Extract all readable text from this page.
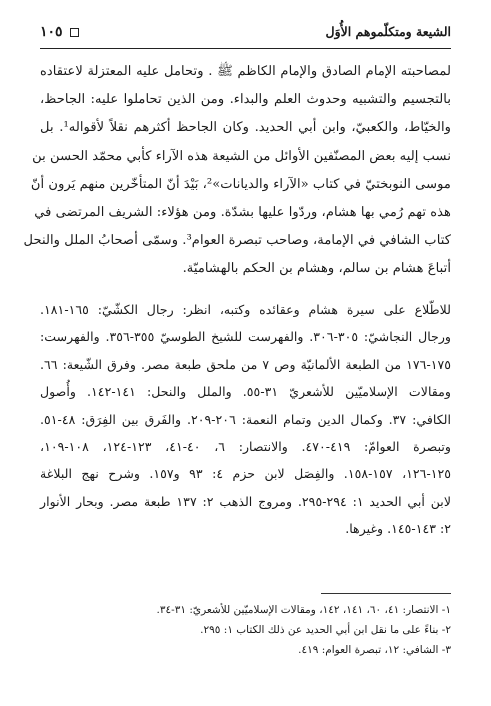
الشيعة ومتكلّموهم الأُوَل
١٠٥
لمصاحبته الإمام الصادق والإمام الكاظم ﷺ . وتحامل عليه المعتزلة لاعتقاده
بالتجسيم والتشبيه وحدوث العلم والبداء. ومن الذين تحاملوا عليه: الجاحظ،
والخيّاط، والكعبيّ، وابن أبي الحديد. وكان الجاحظ أكثرهم نقلاً لأقواله¹. بل
نسب إليه بعض المصنّفين الأوائل من الشيعة هذه الآراء كأبي محمّد الحسن بن
موسى النوبختيّ في كتاب «الآراء والديانات»²، بَيْدَ أنّ المتأخّرين منهم يَرون أنّ
هذه تهم رُمي بها هشام، وردّوا عليها بشدّة. ومن هؤلاء: الشريف المرتضى في
كتاب الشافي في الإمامة، وصاحب تبصرة العوام³. وسمّى أصحابُ الملل والنحل
أتباعَ هشام بن سالم، وهشام بن الحكم بالهشاميّة.
للاطّلاع على سيرة هشام وعقائده وكتبه، انظر: رجال الكشّيّ: ١٦٥-١٨١.
ورجال النجاشيّ: ٣٠٥-٣٠٦. والفهرست للشيخ الطوسيّ ٣٥٥-٣٥٦. والفهرست:
١٧٥-١٧٦ من الطبعة الألمانيّة وص ٧ من ملحق طبعة مصر. وفرق الشّيعة: ٦٦.
ومقالات الإسلاميّين للأشعريّ ٣١-٥٥. والملل والنحل: ١٤١-١٤٢. وأُصول
الكافي: ٣٧. وكمال الدين وتمام النعمة: ٢٠٦-٢٠٩. والفَرق بين الفِرَق: ٤٨-٥١.
وتبصرة العوامّ: ٤١٩-٤٧٠. والانتصار: ٦، ٤٠-٤١، ١٢٣-١٢٤، ١٠٨-١٠٩،
١٢٥-١٢٦، ١٥٧-١٥٨. والفِصَل لابن حزم ٤: ٩٣ و١٥٧. وشرح نهج البلاغة
لابن أبي الحديد ١: ٢٩٤-٢٩٥. ومروج الذهب ٢: ١٣٧ طبعة مصر. وبحار الأنوار
٢: ١٤٣-١٤٥. وغيرها.
١- الانتصار: ٤١، ٦٠، ١٤١، ١٤٢، ومقالات الإسلاميّين للأشعريّ: ٣١-٣٤.
٢- بناءً على ما نقل ابن أبي الحديد عن ذلك الكتاب ١: ٢٩٥.
٣- الشافي: ١٢، تبصرة العوام: ٤١٩.
